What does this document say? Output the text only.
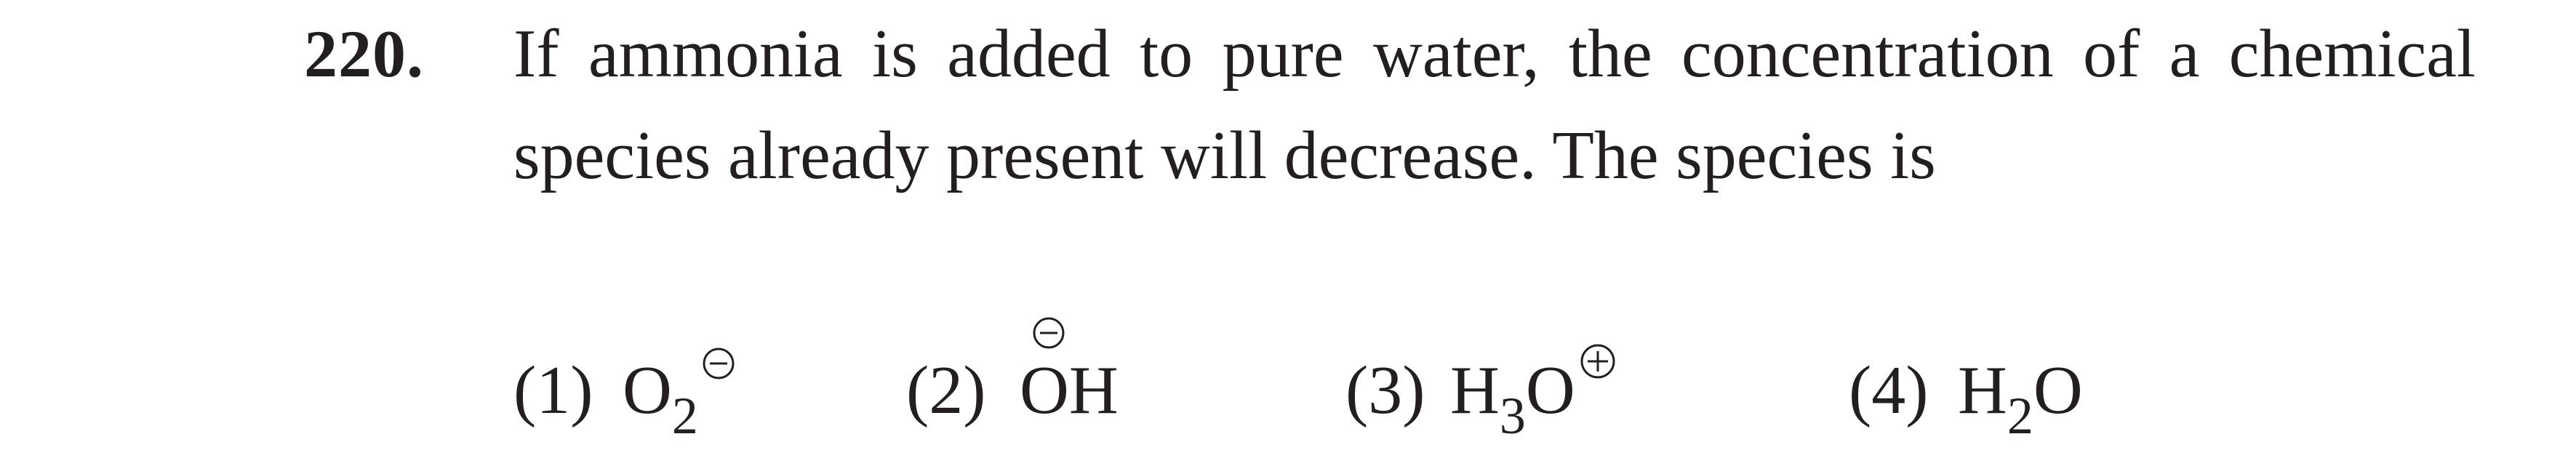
220. If ammonia is added to pure water, the concentration of a chemical species already present will decrease. The species is
(1) $O_2$	(2) OH	(3) $H_3O$	(4) $H_2O$
